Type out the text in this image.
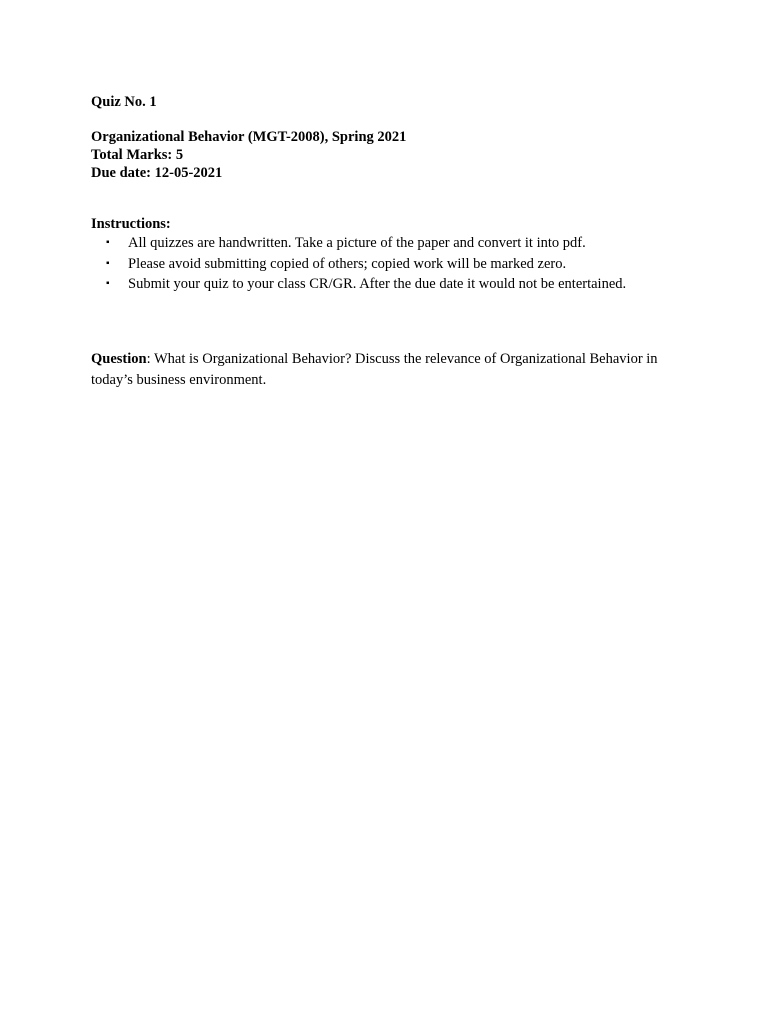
Quiz No. 1
Organizational Behavior (MGT-2008), Spring 2021
Total Marks: 5
Due date: 12-05-2021
Instructions:
▪ All quizzes are handwritten. Take a picture of the paper and convert it into pdf.
▪ Please avoid submitting copied of others; copied work will be marked zero.
▪ Submit your quiz to your class CR/GR. After the due date it would not be entertained.
Question: What is Organizational Behavior? Discuss the relevance of Organizational Behavior in today’s business environment.
